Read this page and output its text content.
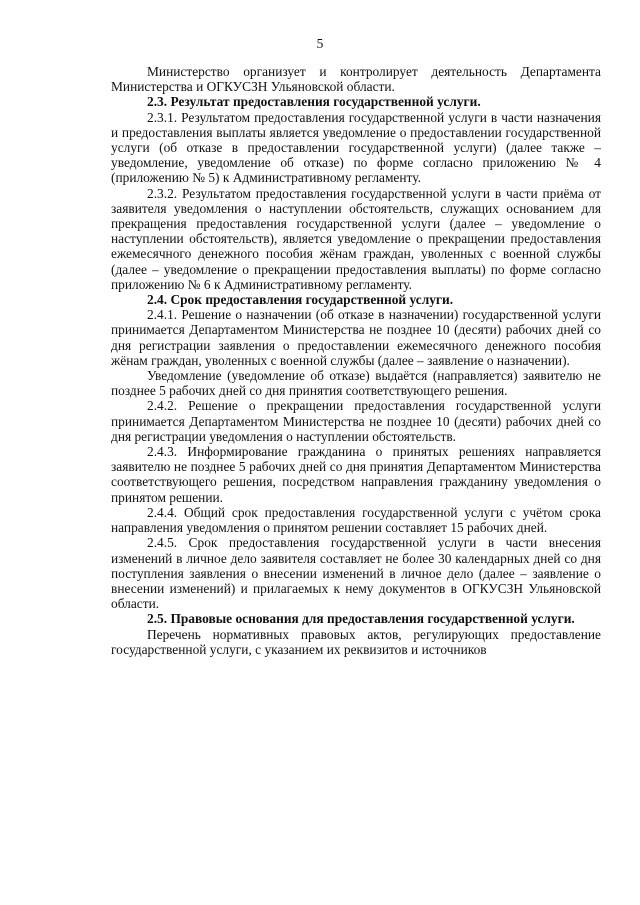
5

Министерство организует и контролирует деятельность Департамента Министерства и ОГКУСЗН Ульяновской области.

2.3. Результат предоставления государственной услуги.

2.3.1. Результатом предоставления государственной услуги в части назначения и предоставления выплаты является уведомление о предоставлении государственной услуги (об отказе в предоставлении государственной услуги) (далее также – уведомление, уведомление об отказе) по форме согласно приложению № 4 (приложению № 5) к Административному регламенту.

2.3.2. Результатом предоставления государственной услуги в части приёма от заявителя уведомления о наступлении обстоятельств, служащих основанием для прекращения предоставления государственной услуги (далее – уведомление о наступлении обстоятельств), является уведомление о прекращении предоставления ежемесячного денежного пособия жёнам граждан, уволенных с военной службы (далее – уведомление о прекращении предоставления выплаты) по форме согласно приложению № 6 к Административному регламенту.

2.4. Срок предоставления государственной услуги.

2.4.1. Решение о назначении (об отказе в назначении) государственной услуги принимается Департаментом Министерства не позднее 10 (десяти) рабочих дней со дня регистрации заявления о предоставлении ежемесячного денежного пособия жёнам граждан, уволенных с военной службы (далее – заявление о назначении).

Уведомление (уведомление об отказе) выдаётся (направляется) заявителю не позднее 5 рабочих дней со дня принятия соответствующего решения.

2.4.2. Решение о прекращении предоставления государственной услуги принимается Департаментом Министерства не позднее 10 (десяти) рабочих дней со дня регистрации уведомления о наступлении обстоятельств.

2.4.3. Информирование гражданина о принятых решениях направляется заявителю не позднее 5 рабочих дней со дня принятия Департаментом Министерства соответствующего решения, посредством направления гражданину уведомления о принятом решении.

2.4.4. Общий срок предоставления государственной услуги с учётом срока направления уведомления о принятом решении составляет 15 рабочих дней.

2.4.5. Срок предоставления государственной услуги в части внесения изменений в личное дело заявителя составляет не более 30 календарных дней со дня поступления заявления о внесении изменений в личное дело (далее – заявление о внесении изменений) и прилагаемых к нему документов в ОГКУСЗН Ульяновской области.

2.5. Правовые основания для предоставления государственной услуги.

Перечень нормативных правовых актов, регулирующих предоставление государственной услуги, с указанием их реквизитов и источников
